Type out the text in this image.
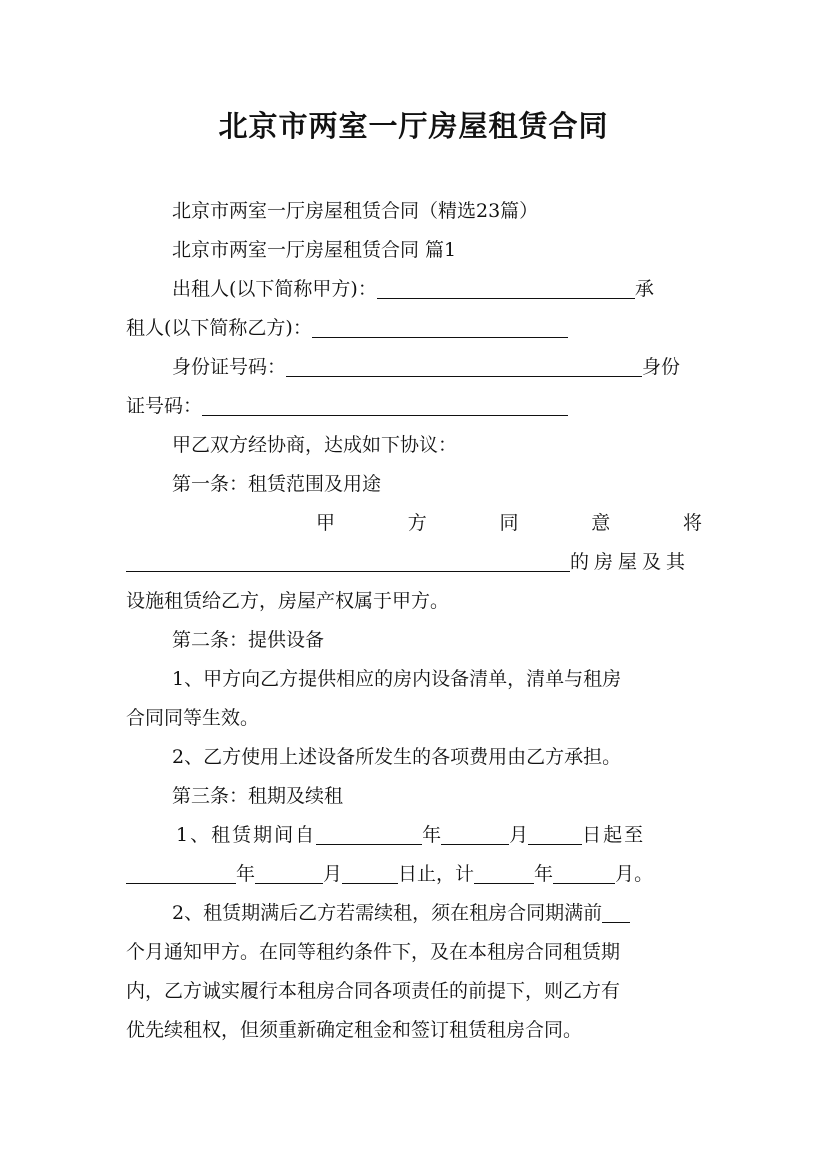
北京市两室一厅房屋租赁合同
北京市两室一厅房屋租赁合同（精选23篇）
北京市两室一厅房屋租赁合同 篇1
出租人(以下简称甲方)：	承
租人(以下简称乙方)：
身份证号码：	身份
证号码：
甲乙双方经协商，达成如下协议：
第一条：租赁范围及用途
甲	方	同	意	将
的房屋及其
设施租赁给乙方，房屋产权属于甲方。
第二条：提供设备
1、甲方向乙方提供相应的房内设备清单，清单与租房
合同同等生效。
2、乙方使用上述设备所发生的各项费用由乙方承担。
第三条：租期及续租
1、租赁期间自	年	月	日起至
年	月	日止，计	年	月。
2、租赁期满后乙方若需续租，须在租房合同期满前
个月通知甲方。在同等租约条件下，及在本租房合同租赁期
内，乙方诚实履行本租房合同各项责任的前提下，则乙方有
优先续租权，但须重新确定租金和签订租赁租房合同。
